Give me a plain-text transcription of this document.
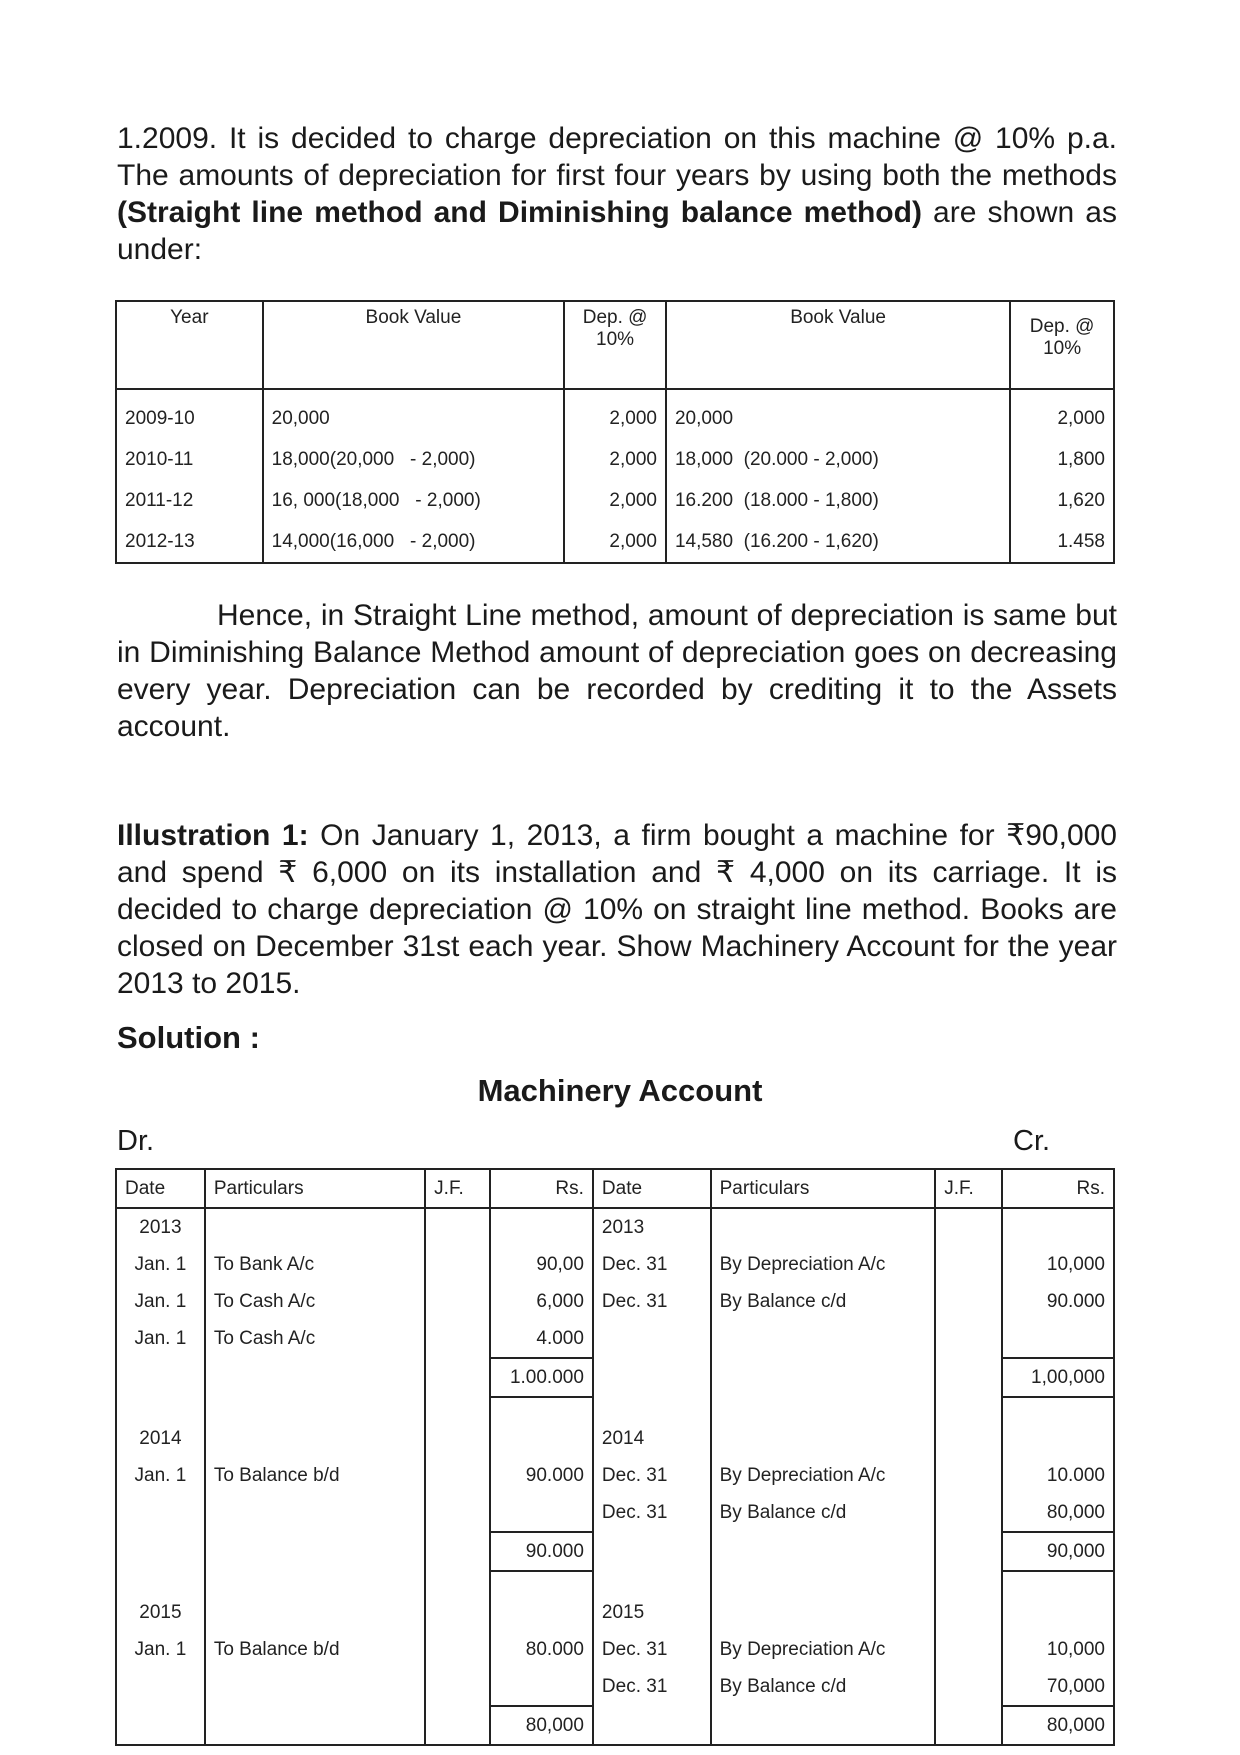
1.2009. It is decided to charge depreciation on this machine @ 10% p.a. The amounts of depreciation for first four years by using both the methods (Straight line method and Diminishing balance method) are shown as under:
Year	Book Value	Dep. @ 10%	Book Value	Dep. @ 10%
2009-10	20,000	2,000	20,000	2,000
2010-11	18,000(20,000   - 2,000)	2,000	18,000  (20.000 - 2,000)	1,800
2011-12	16, 000(18,000   - 2,000)	2,000	16.200  (18.000 - 1,800)	1,620
2012-13	14,000(16,000   - 2,000)	2,000	14,580  (16.200 - 1,620)	1.458
Hence, in Straight Line method, amount of depreciation is same but in Diminishing Balance Method amount of depreciation goes on decreasing every year. Depreciation can be recorded by crediting it to the Assets account.
Illustration 1: On January 1, 2013, a firm bought a machine for ₹90,000 and spend ₹ 6,000 on its installation and ₹ 4,000 on its carriage. It is decided to charge depreciation @ 10% on straight line method. Books are closed on December 31st each year. Show Machinery Account for the year 2013 to 2015.
Solution :
Machinery Account
Dr.	Cr.
Date	Particulars	J.F.	Rs.	Date	Particulars	J.F.	Rs.
2013				2013			
Jan. 1	To Bank A/c		90,00	Dec. 31	By Depreciation A/c		10,000
Jan. 1	To Cash A/c		6,000	Dec. 31	By Balance c/d		90.000
Jan. 1	To Cash A/c		4.000				
			1.00.000				1,00,000

2014				2014			
Jan. 1	To Balance b/d		90.000	Dec. 31	By Depreciation A/c		10.000
				Dec. 31	By Balance c/d		80,000
			90.000				90,000

2015				2015			
Jan. 1	To Balance b/d		80.000	Dec. 31	By Depreciation A/c		10,000
				Dec. 31	By Balance c/d		70,000
			80,000				80,000
